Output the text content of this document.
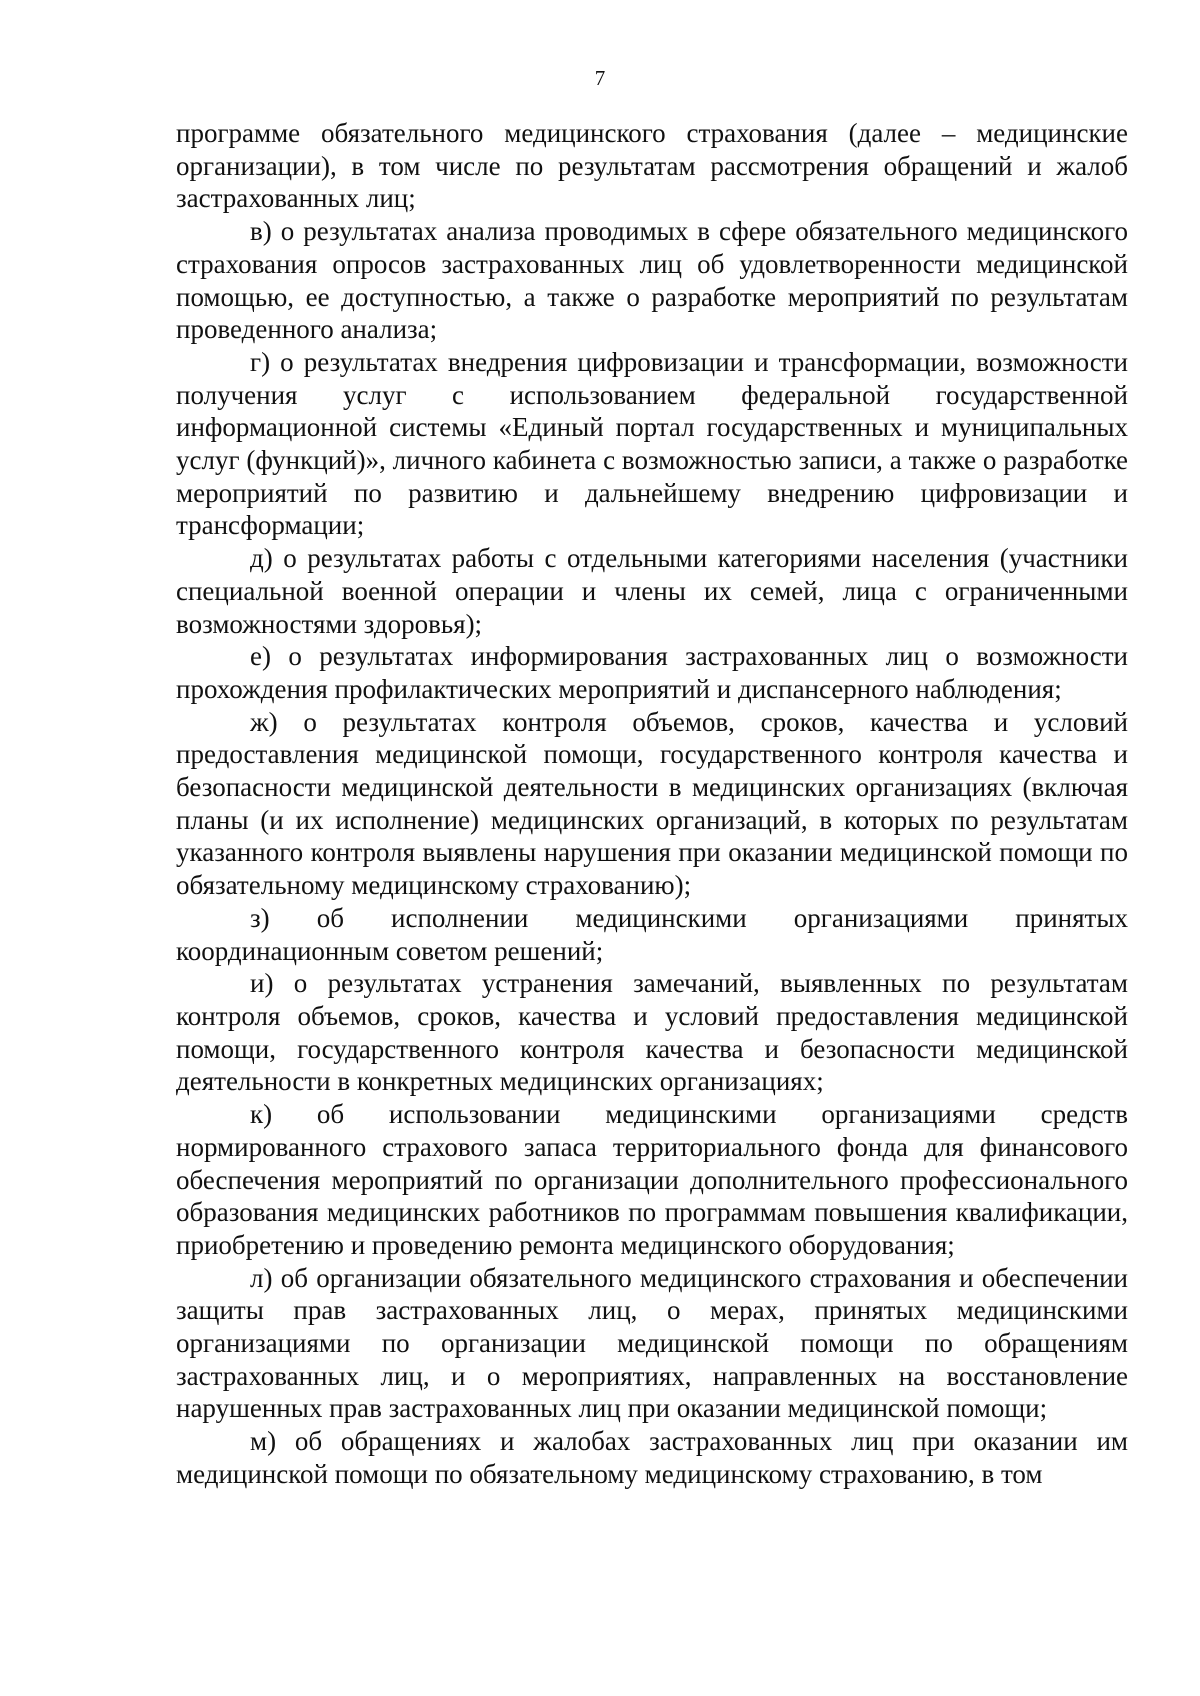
7

программе обязательного медицинского страхования (далее – медицинские организации), в том числе по результатам рассмотрения обращений и жалоб застрахованных лиц;

в) о результатах анализа проводимых в сфере обязательного медицинского страхования опросов застрахованных лиц об удовлетворенности медицинской помощью, ее доступностью, а также о разработке мероприятий по результатам проведенного анализа;

г) о результатах внедрения цифровизации и трансформации, возможности получения услуг с использованием федеральной государственной информационной системы «Единый портал государственных и муниципальных услуг (функций)», личного кабинета с возможностью записи, а также о разработке мероприятий по развитию и дальнейшему внедрению цифровизации и трансформации;

д) о результатах работы с отдельными категориями населения (участники специальной военной операции и члены их семей, лица с ограниченными возможностями здоровья);

е) о результатах информирования застрахованных лиц о возможности прохождения профилактических мероприятий и диспансерного наблюдения;

ж) о результатах контроля объемов, сроков, качества и условий предоставления медицинской помощи, государственного контроля качества и безопасности медицинской деятельности в медицинских организациях (включая планы (и их исполнение) медицинских организаций, в которых по результатам указанного контроля выявлены нарушения при оказании медицинской помощи по обязательному медицинскому страхованию);

з) об исполнении медицинскими организациями принятых координационным советом решений;

и) о результатах устранения замечаний, выявленных по результатам контроля объемов, сроков, качества и условий предоставления медицинской помощи, государственного контроля качества и безопасности медицинской деятельности в конкретных медицинских организациях;

к) об использовании медицинскими организациями средств нормированного страхового запаса территориального фонда для финансового обеспечения мероприятий по организации дополнительного профессионального образования медицинских работников по программам повышения квалификации, приобретению и проведению ремонта медицинского оборудования;

л) об организации обязательного медицинского страхования и обеспечении защиты прав застрахованных лиц, о мерах, принятых медицинскими организациями по организации медицинской помощи по обращениям застрахованных лиц, и о мероприятиях, направленных на восстановление нарушенных прав застрахованных лиц при оказании медицинской помощи;

м) об обращениях и жалобах застрахованных лиц при оказании им медицинской помощи по обязательному медицинскому страхованию, в том
